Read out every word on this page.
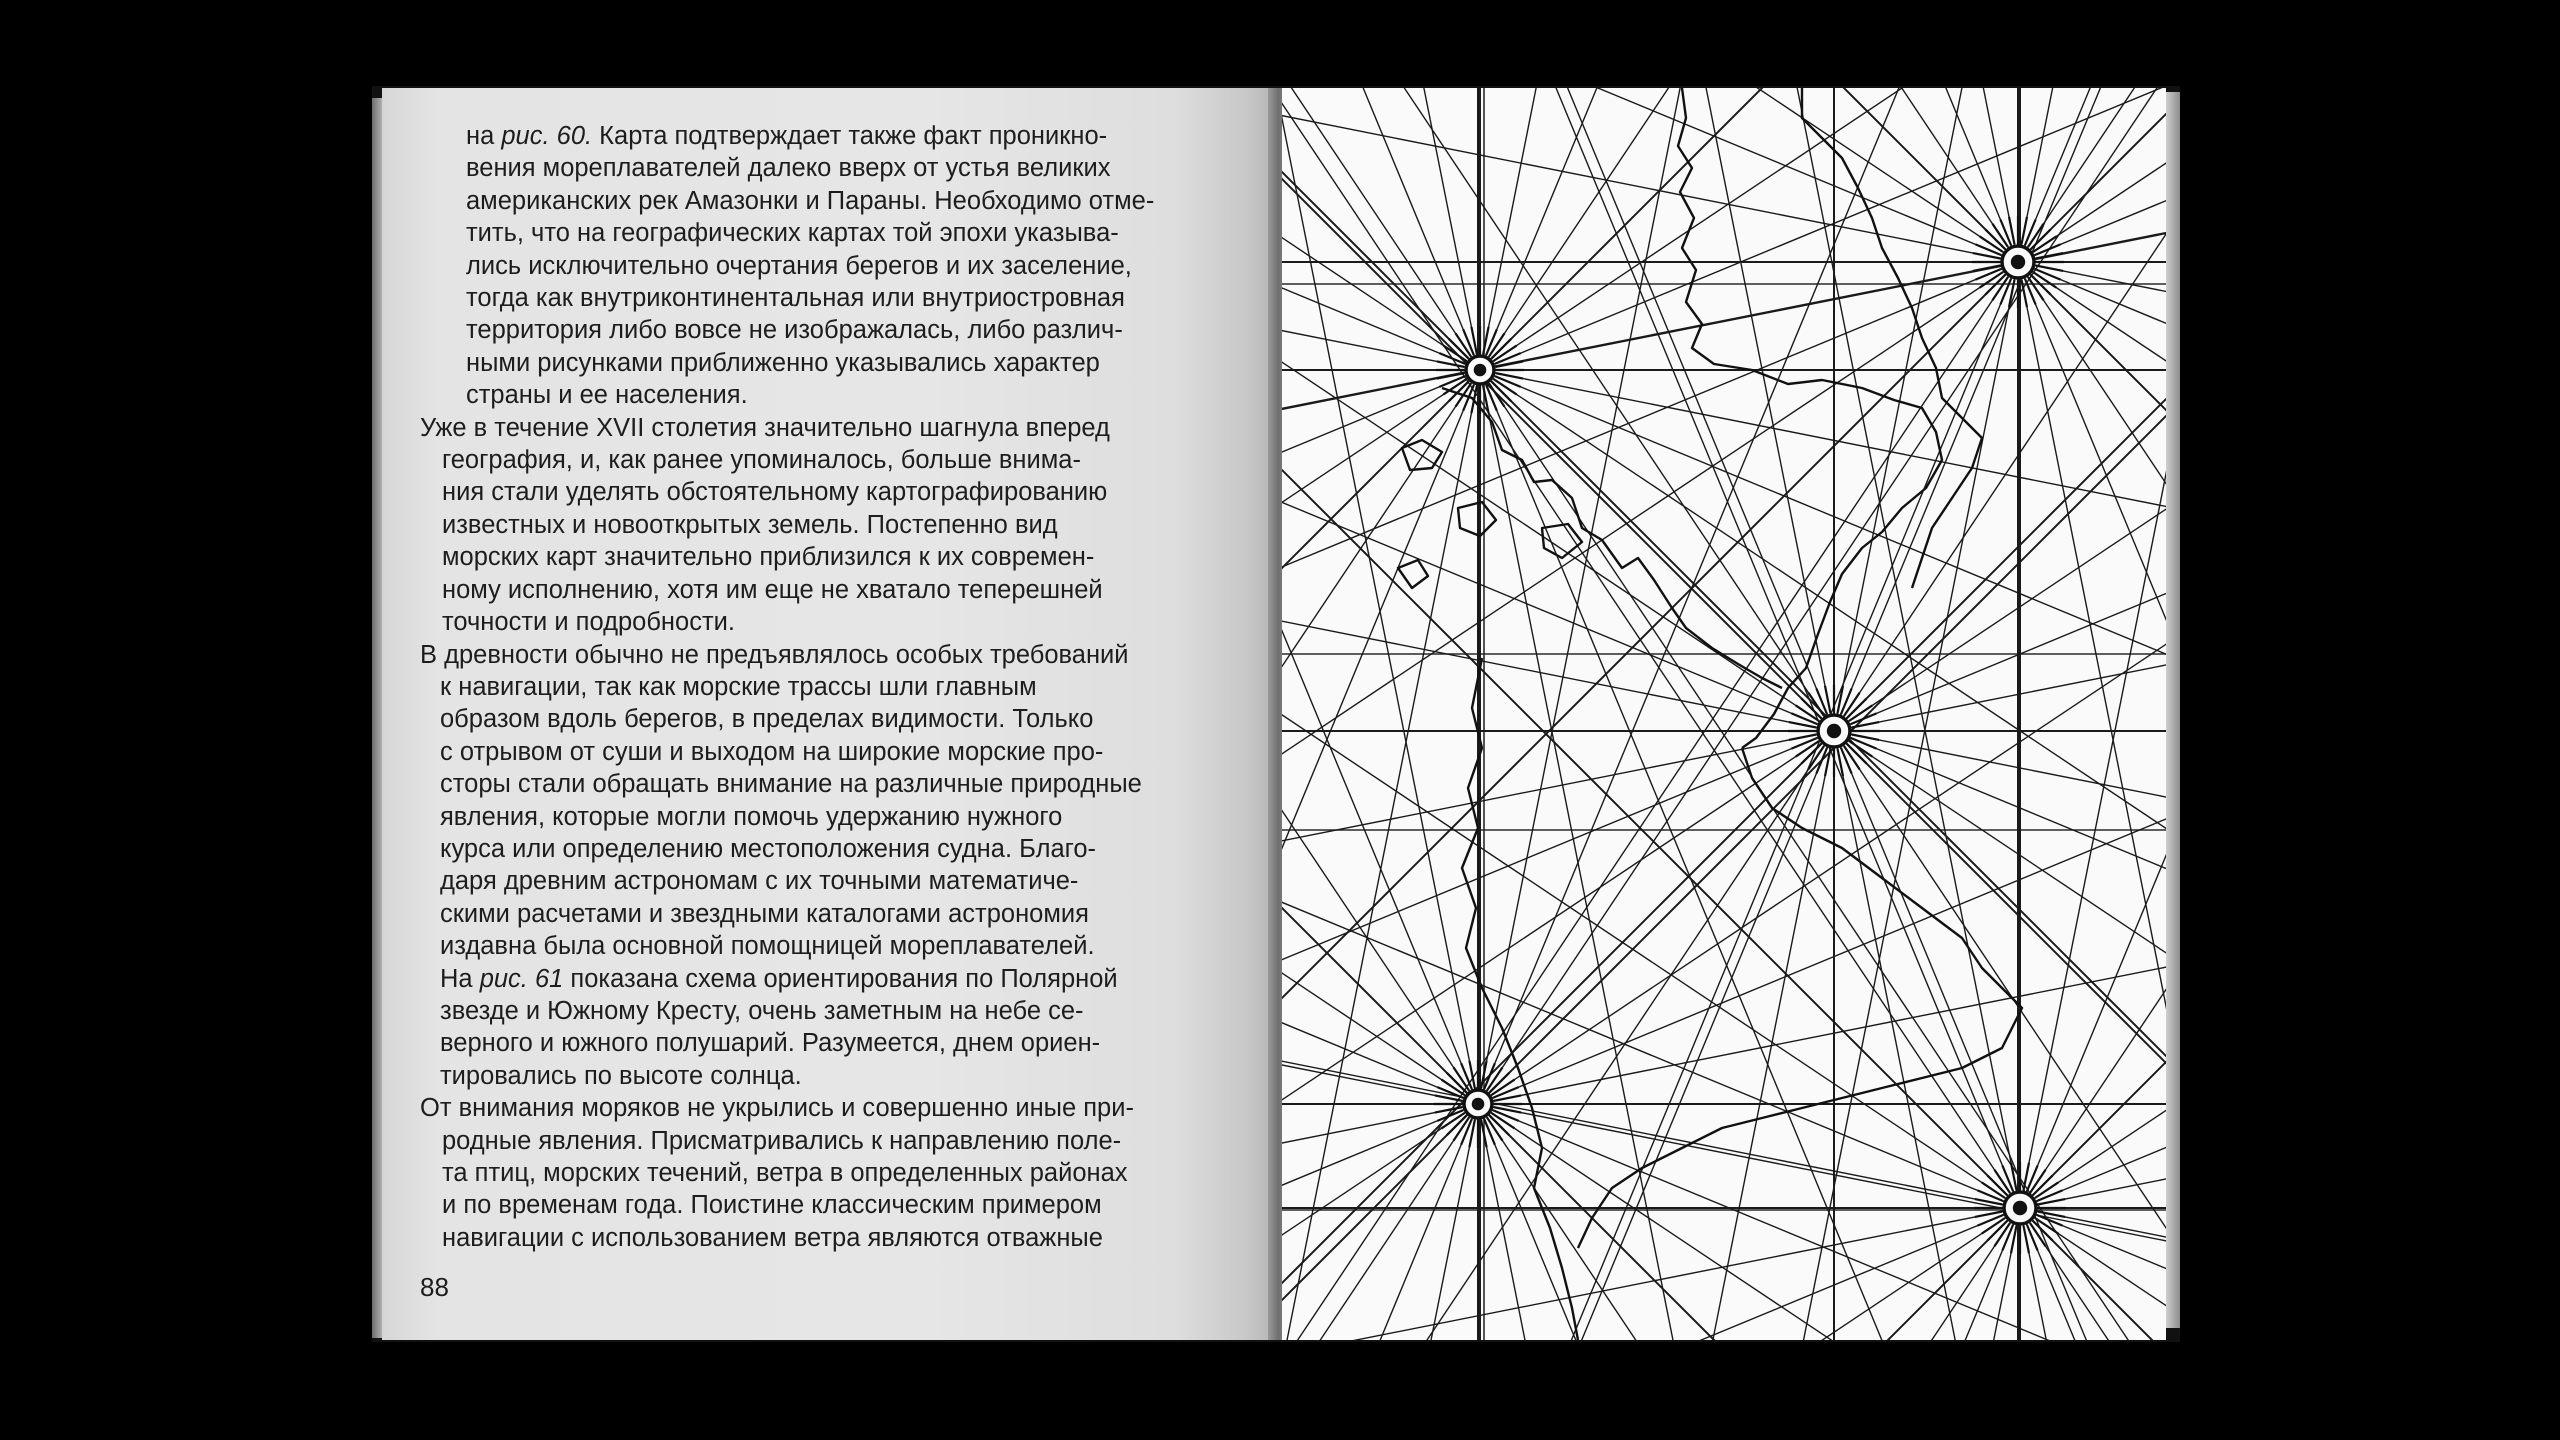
на рис. 60. Карта подтверждает также факт проникно-
вения мореплавателей далеко вверх от устья великих
американских рек Амазонки и Параны. Необходимо отме-
тить, что на географических картах той эпохи указыва-
лись исключительно очертания берегов и их заселение,
тогда как внутриконтинентальная или внутриостровная
территория либо вовсе не изображалась, либо различ-
ными рисунками приближенно указывались характер
страны и ее населения.
Уже в течение XVII столетия значительно шагнула вперед
география, и, как ранее упоминалось, больше внима-
ния стали уделять обстоятельному картографированию
известных и новооткрытых земель. Постепенно вид
морских карт значительно приблизился к их современ-
ному исполнению, хотя им еще не хватало теперешней
точности и подробности.
В древности обычно не предъявлялось особых требований
к навигации, так как морские трассы шли главным
образом вдоль берегов, в пределах видимости. Только
с отрывом от суши и выходом на широкие морские про-
сторы стали обращать внимание на различные природные
явления, которые могли помочь удержанию нужного
курса или определению местоположения судна. Благо-
даря древним астрономам с их точными математиче-
скими расчетами и звездными каталогами астрономия
издавна была основной помощницей мореплавателей.
На рис. 61 показана схема ориентирования по Полярной
звезде и Южному Кресту, очень заметным на небе се-
верного и южного полушарий. Разумеется, днем ориен-
тировались по высоте солнца.
От внимания моряков не укрылись и совершенно иные при-
родные явления. Присматривались к направлению поле-
та птиц, морских течений, ветра в определенных районах
и по временам года. Поистине классическим примером
навигации с использованием ветра являются отважные
88
